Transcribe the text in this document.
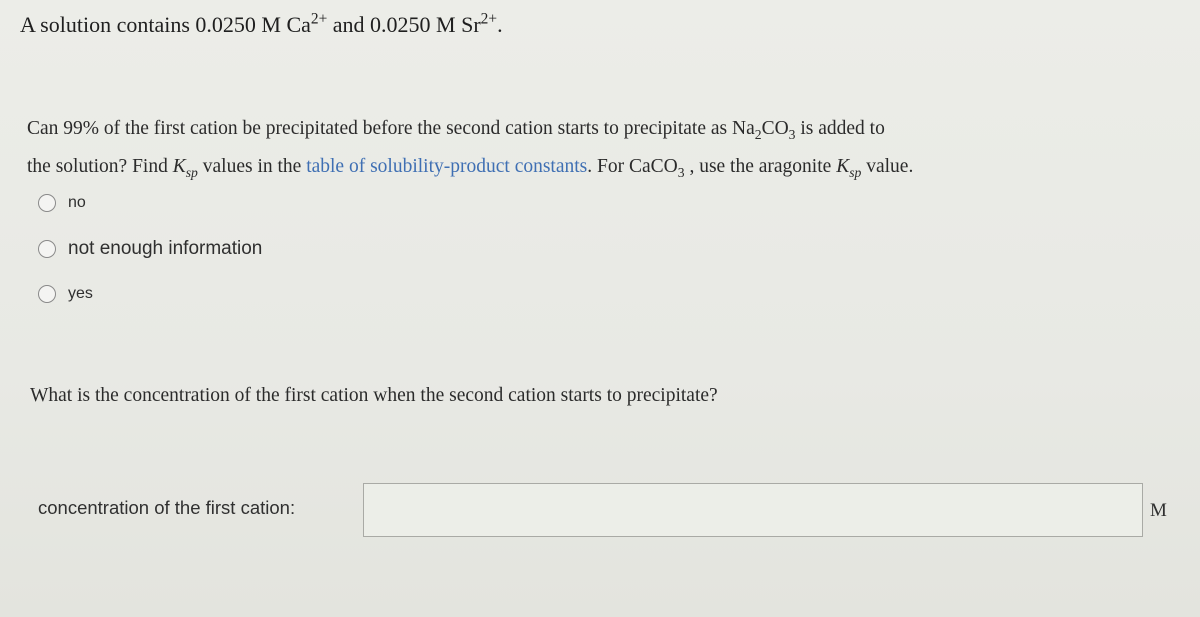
A solution contains 0.0250 M $Ca^{2+}$ and 0.0250 M $Sr^{2+}$.
Can 99% of the first cation be precipitated before the second cation starts to precipitate as $Na_2CO_3$ is added to
the solution? Find $K_{sp}$ values in the table of solubility-product constants. For CaCO$_3$ , use the aragonite $K_{sp}$ value.
no
not enough information
yes
What is the concentration of the first cation when the second cation starts to precipitate?
concentration of the first cation:	M
